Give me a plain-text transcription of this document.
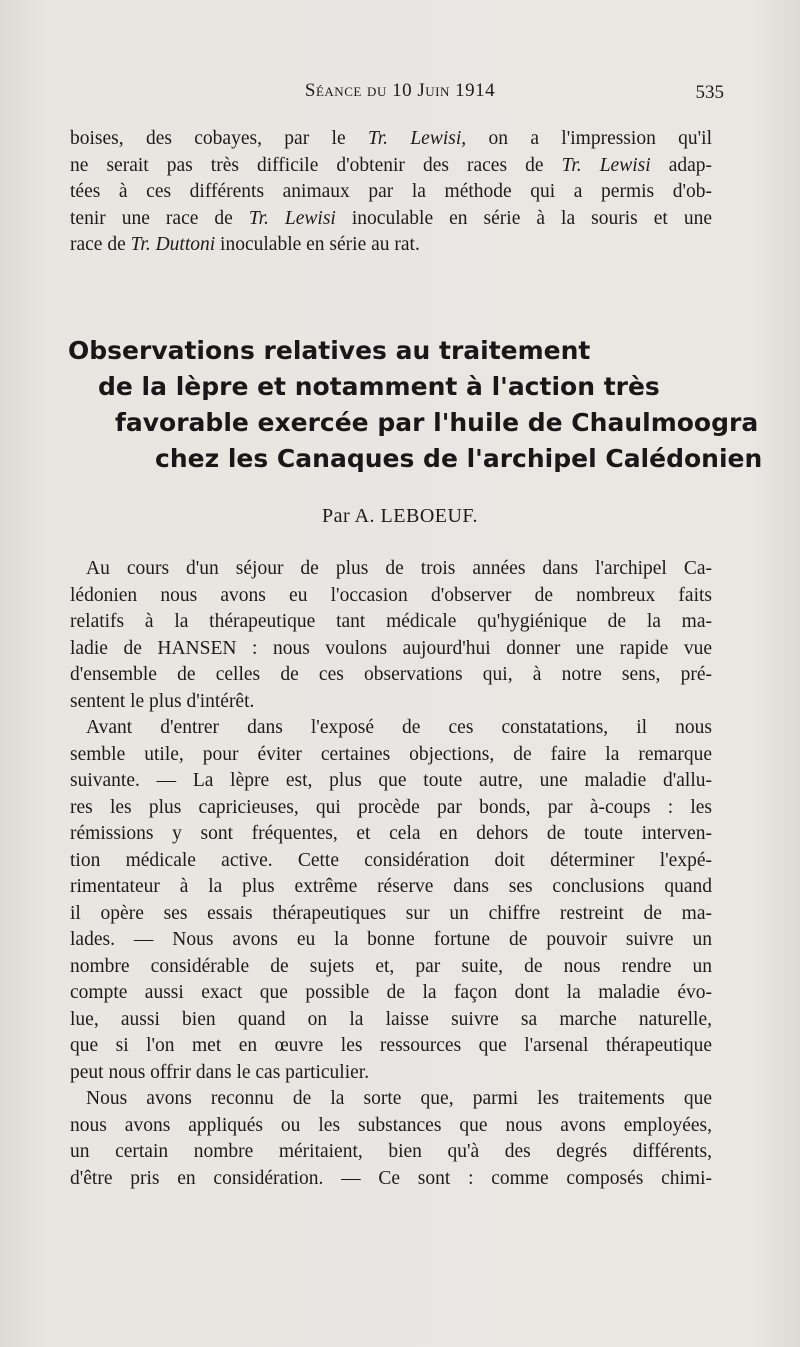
Séance du 10 Juin 1914	535
boises, des cobayes, par le Tr. Lewisi, on a l'impression qu'il
ne serait pas très difficile d'obtenir des races de Tr. Lewisi adap-
tées à ces différents animaux par la méthode qui a permis d'ob-
tenir une race de Tr. Lewisi inoculable en série à la souris et une
race de Tr. Duttoni inoculable en série au rat.
Observations relatives au traitement
de la lèpre et notamment à l'action très
favorable exercée par l'huile de Chaulmoogra
chez les Canaques de l'archipel Calédonien
Par A. LEBOEUF.
Au cours d'un séjour de plus de trois années dans l'archipel Ca-
lédonien nous avons eu l'occasion d'observer de nombreux faits
relatifs à la thérapeutique tant médicale qu'hygiénique de la ma-
ladie de HANSEN : nous voulons aujourd'hui donner une rapide vue
d'ensemble de celles de ces observations qui, à notre sens, pré-
sentent le plus d'intérêt.
Avant d'entrer dans l'exposé de ces constatations, il nous
semble utile, pour éviter certaines objections, de faire la remarque
suivante. — La lèpre est, plus que toute autre, une maladie d'allu-
res les plus capricieuses, qui procède par bonds, par à-coups : les
rémissions y sont fréquentes, et cela en dehors de toute interven-
tion médicale active. Cette considération doit déterminer l'expé-
rimentateur à la plus extrême réserve dans ses conclusions quand
il opère ses essais thérapeutiques sur un chiffre restreint de ma-
lades. — Nous avons eu la bonne fortune de pouvoir suivre un
nombre considérable de sujets et, par suite, de nous rendre un
compte aussi exact que possible de la façon dont la maladie évo-
lue, aussi bien quand on la laisse suivre sa marche naturelle,
que si l'on met en œuvre les ressources que l'arsenal thérapeutique
peut nous offrir dans le cas particulier.
Nous avons reconnu de la sorte que, parmi les traitements que
nous avons appliqués ou les substances que nous avons employées,
un certain nombre méritaient, bien qu'à des degrés différents,
d'être pris en considération. — Ce sont : comme composés chimi-
